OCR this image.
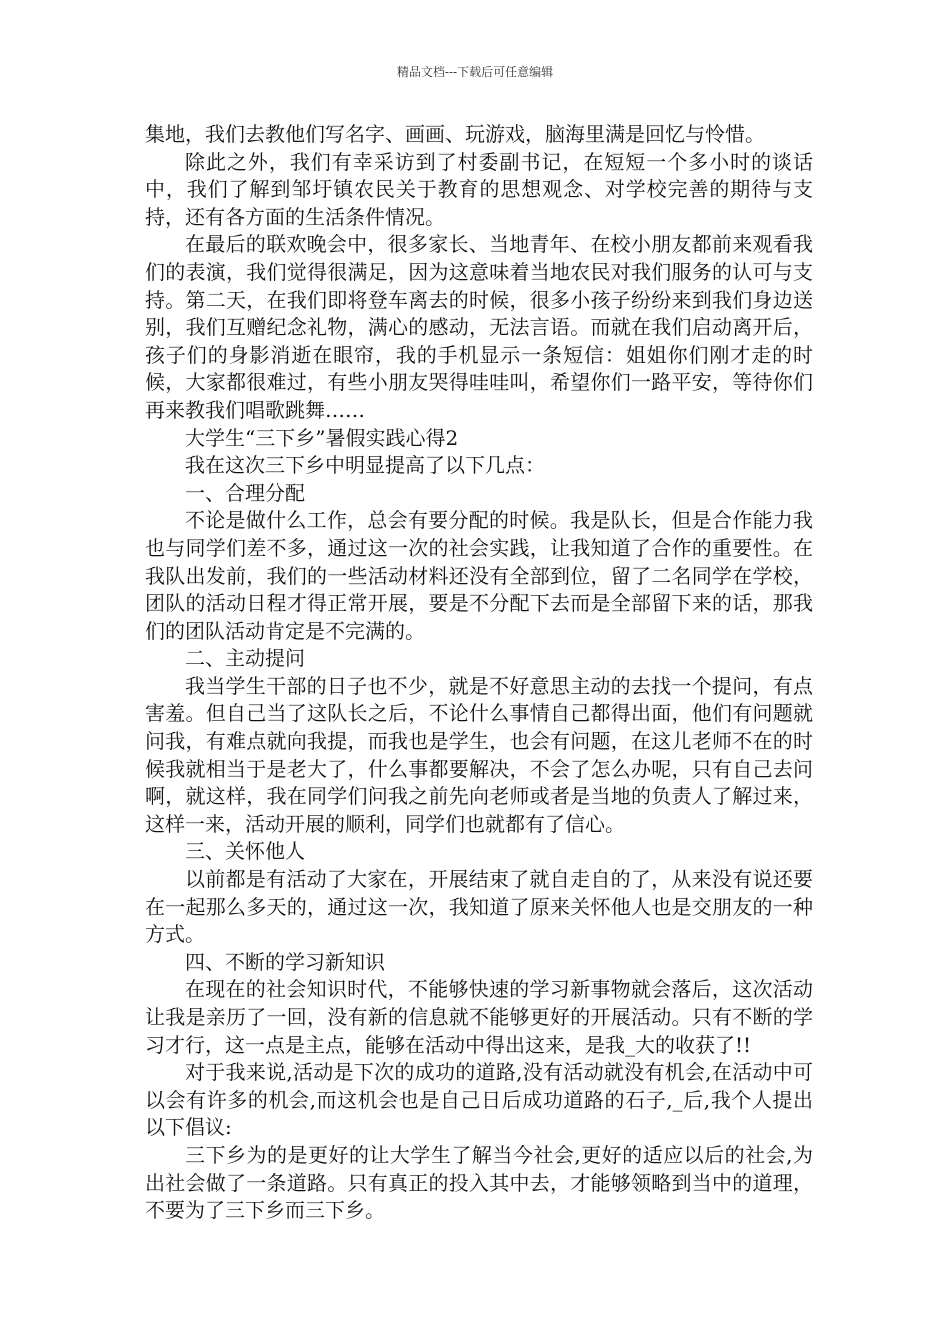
精品文档---下载后可任意编辑

集地，我们去教他们写名字、画画、玩游戏，脑海里满是回忆与怜惜。

除此之外，我们有幸采访到了村委副书记，在短短一个多小时的谈话中，我们了解到邹圩镇农民关于教育的思想观念、对学校完善的期待与支持，还有各方面的生活条件情况。

在最后的联欢晚会中，很多家长、当地青年、在校小朋友都前来观看我们的表演，我们觉得很满足，因为这意味着当地农民对我们服务的认可与支持。第二天，在我们即将登车离去的时候，很多小孩子纷纷来到我们身边送别，我们互赠纪念礼物，满心的感动，无法言语。而就在我们启动离开后，孩子们的身影消逝在眼帘，我的手机显示一条短信：姐姐你们刚才走的时候，大家都很难过，有些小朋友哭得哇哇叫，希望你们一路平安，等待你们再来教我们唱歌跳舞……

大学生“三下乡”暑假实践心得2

我在这次三下乡中明显提高了以下几点：

一、合理分配

不论是做什么工作，总会有要分配的时候。我是队长，但是合作能力我也与同学们差不多，通过这一次的社会实践，让我知道了合作的重要性。在我队出发前，我们的一些活动材料还没有全部到位，留了二名同学在学校，团队的活动日程才得正常开展，要是不分配下去而是全部留下来的话，那我们的团队活动肯定是不完满的。

二、主动提问

我当学生干部的日子也不少，就是不好意思主动的去找一个提问，有点害羞。但自己当了这队长之后，不论什么事情自己都得出面，他们有问题就问我，有难点就向我提，而我也是学生，也会有问题，在这儿老师不在的时候我就相当于是老大了，什么事都要解决，不会了怎么办呢，只有自己去问啊，就这样，我在同学们问我之前先向老师或者是当地的负责人了解过来，这样一来，活动开展的顺利，同学们也就都有了信心。

三、关怀他人

以前都是有活动了大家在，开展结束了就自走自的了，从来没有说还要在一起那么多天的，通过这一次，我知道了原来关怀他人也是交朋友的一种方式。

四、不断的学习新知识

在现在的社会知识时代，不能够快速的学习新事物就会落后，这次活动让我是亲历了一回，没有新的信息就不能够更好的开展活动。只有不断的学习才行，这一点是主点，能够在活动中得出这来，是我_大的收获了!!

对于我来说,活动是下次的成功的道路,没有活动就没有机会,在活动中可以会有许多的机会,而这机会也是自己日后成功道路的石子,_后,我个人提出以下倡议:

三下乡为的是更好的让大学生了解当今社会,更好的适应以后的社会,为出社会做了一条道路。只有真正的投入其中去，才能够领略到当中的道理，不要为了三下乡而三下乡。
